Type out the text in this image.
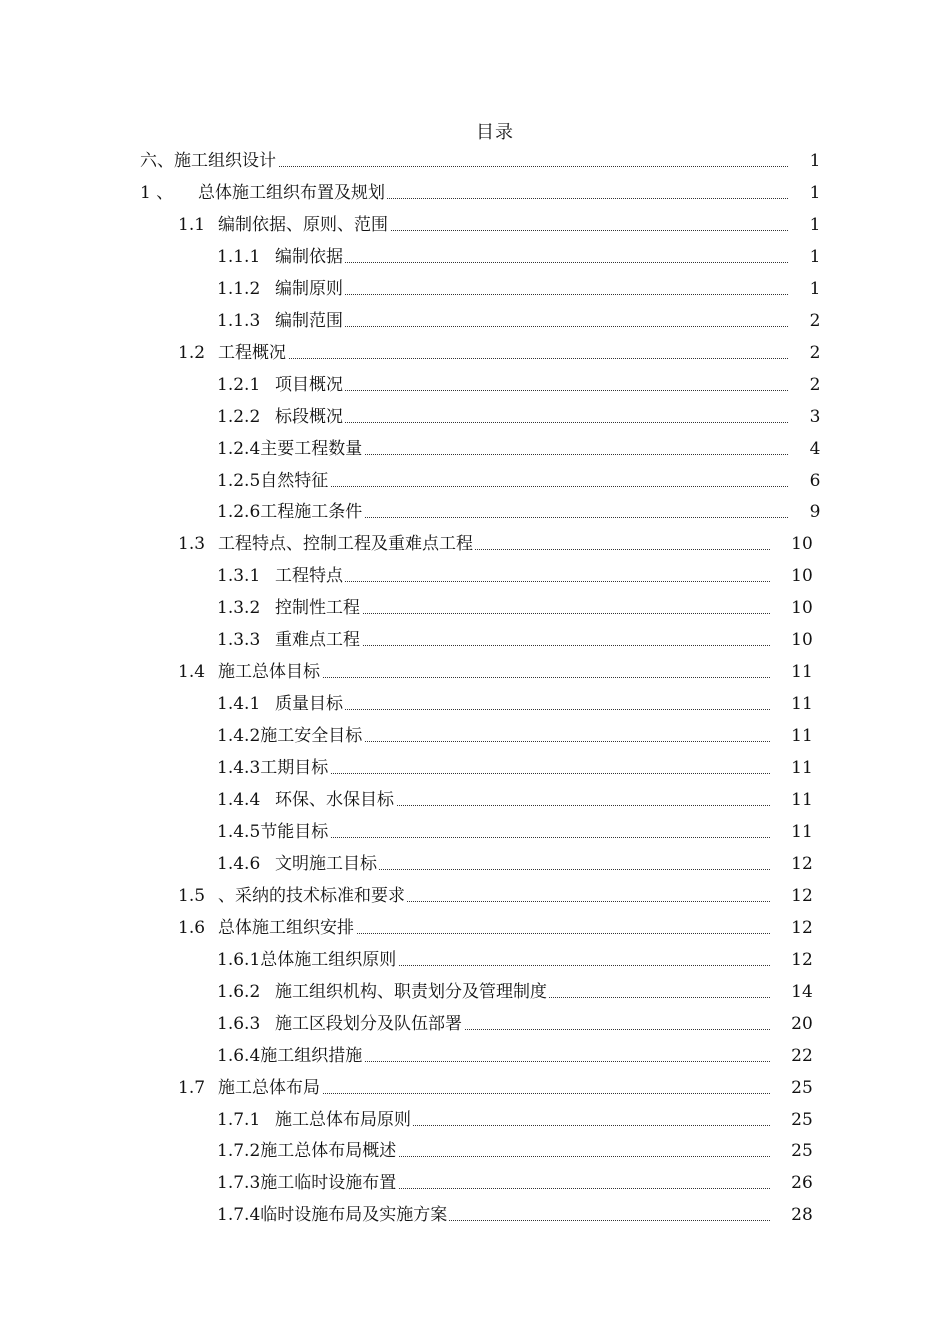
目录
六、施工组织设计	1
1 、 总体施工组织布置及规划	1
1.1 编制依据、原则、范围	1
1.1.1 编制依据	1
1.1.2 编制原则	1
1.1.3 编制范围	2
1.2 工程概况	2
1.2.1 项目概况	2
1.2.2 标段概况	3
1.2.4主要工程数量	4
1.2.5自然特征	6
1.2.6工程施工条件	9
1.3 工程特点、控制工程及重难点工程	10
1.3.1 工程特点	10
1.3.2 控制性工程	10
1.3.3 重难点工程	10
1.4 施工总体目标	11
1.4.1 质量目标	11
1.4.2施工安全目标	11
1.4.3工期目标	11
1.4.4 环保、水保目标	11
1.4.5节能目标	11
1.4.6 文明施工目标	12
1.5 、采纳的技术标准和要求	12
1.6 总体施工组织安排	12
1.6.1总体施工组织原则	12
1.6.2 施工组织机构、职责划分及管理制度	14
1.6.3 施工区段划分及队伍部署	20
1.6.4施工组织措施	22
1.7 施工总体布局	25
1.7.1 施工总体布局原则	25
1.7.2施工总体布局概述	25
1.7.3施工临时设施布置	26
1.7.4临时设施布局及实施方案	28
